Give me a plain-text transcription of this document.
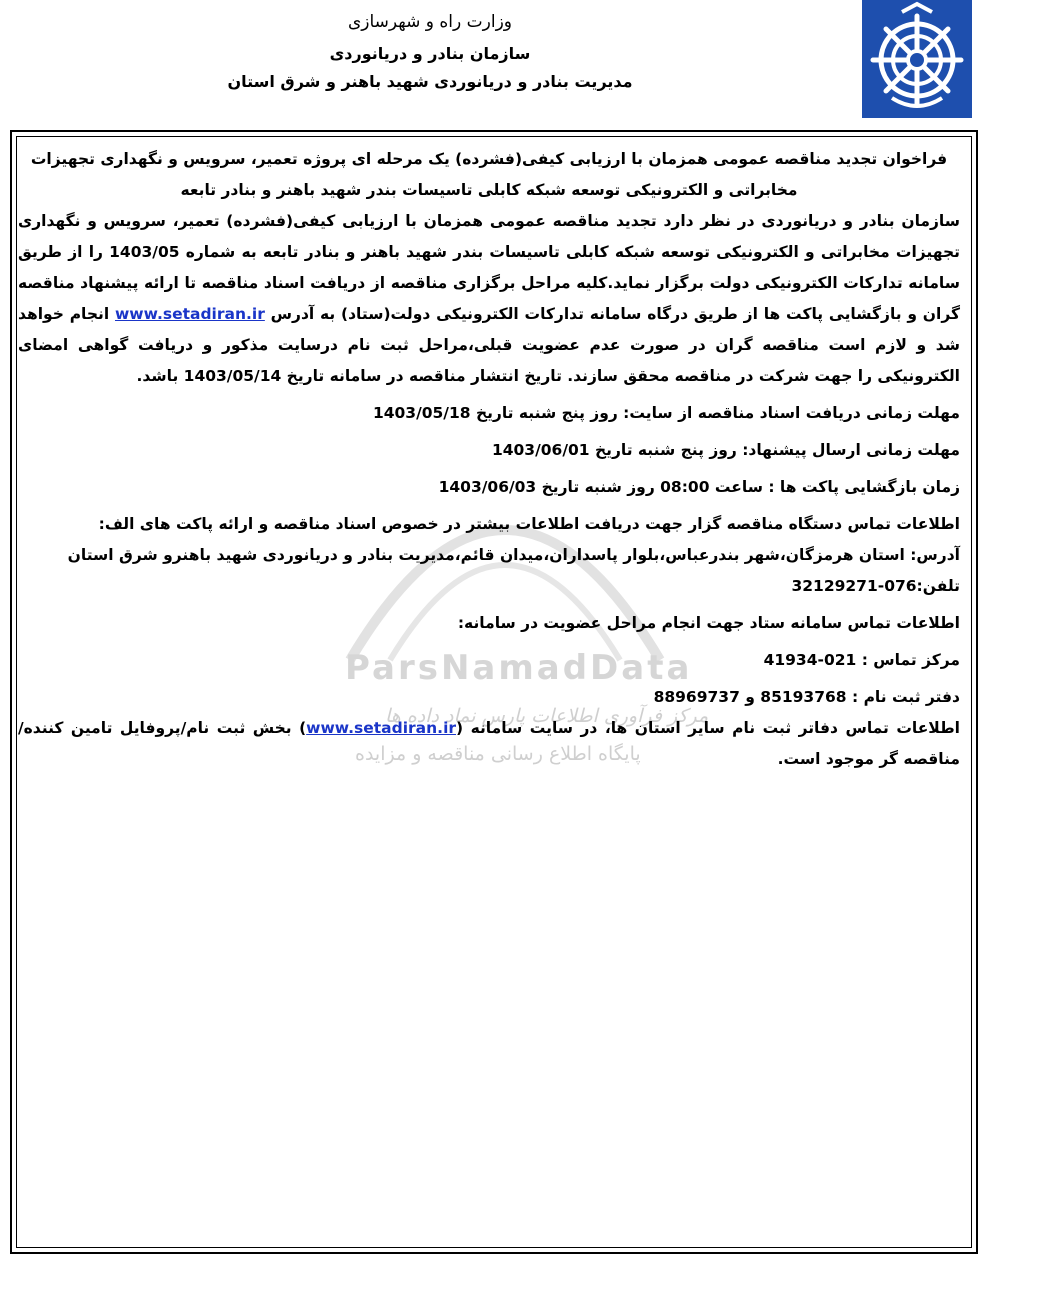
وزارت راه و شهرسازی
سازمان بنادر و دریانوردی
مدیریت بنادر و دریانوردی شهید باهنر و شرق استان
ParsNamadData
مرکز فرآوری اطلاعات پارس نماد داده ها
پایگاه اطلاع رسانی مناقصه و مزایده
فراخوان تجدید مناقصه عمومی همزمان با ارزیابی کیفی(فشرده) یک مرحله ای پروژه تعمیر، سرویس و نگهداری تجهیزات
مخابراتی و الکترونیکی توسعه شبکه کابلی تاسیسات بندر شهید باهنر و بنادر تابعه
سازمان بنادر و دریانوردی در نظر دارد تجدید مناقصه عمومی همزمان با ارزیابی کیفی(فشرده) تعمیر، سرویس و نگهداری تجهیزات مخابراتی و الکترونیکی توسعه شبکه کابلی تاسیسات بندر شهید باهنر و بنادر تابعه به شماره 1403/05 را از طریق سامانه تدارکات الکترونیکی دولت برگزار نماید.کلیه مراحل برگزاری مناقصه از دریافت اسناد مناقصه تا ارائه پیشنهاد مناقصه گران و بازگشایی پاکت ها از طریق درگاه سامانه تدارکات الکترونیکی دولت(ستاد) به آدرس www.setadiran.ir انجام خواهد شد و لازم است مناقصه گران در صورت عدم عضویت قبلی،مراحل ثبت نام درسایت مذکور و دریافت گواهی امضای الکترونیکی را جهت شرکت در مناقصه محقق سازند. تاریخ انتشار مناقصه در سامانه تاریخ 1403/05/14 باشد.
مهلت زمانی دریافت اسناد مناقصه از سایت: روز پنج شنبه تاریخ 1403/05/18
مهلت زمانی ارسال پیشنهاد: روز پنج شنبه تاریخ 1403/06/01
زمان بازگشایی پاکت ها : ساعت 08:00 روز شنبه تاریخ 1403/06/03
اطلاعات تماس دستگاه مناقصه گزار جهت دریافت اطلاعات بیشتر در خصوص اسناد مناقصه و ارائه پاکت های الف:
آدرس: استان هرمزگان،شهر بندرعباس،بلوار پاسداران،میدان قائم،مدیریت بنادر و دریانوردی شهید باهنرو شرق استان
تلفن:076-32129271
اطلاعات تماس سامانه ستاد جهت انجام مراحل عضویت در سامانه:
مرکز تماس : 021-41934
دفتر ثبت نام : 85193768 و 88969737
اطلاعات تماس دفاتر ثبت نام سایر استان ها، در سایت سامانه (www.setadiran.ir) بخش ثبت نام/پروفایل تامین کننده/مناقصه گر موجود است.
